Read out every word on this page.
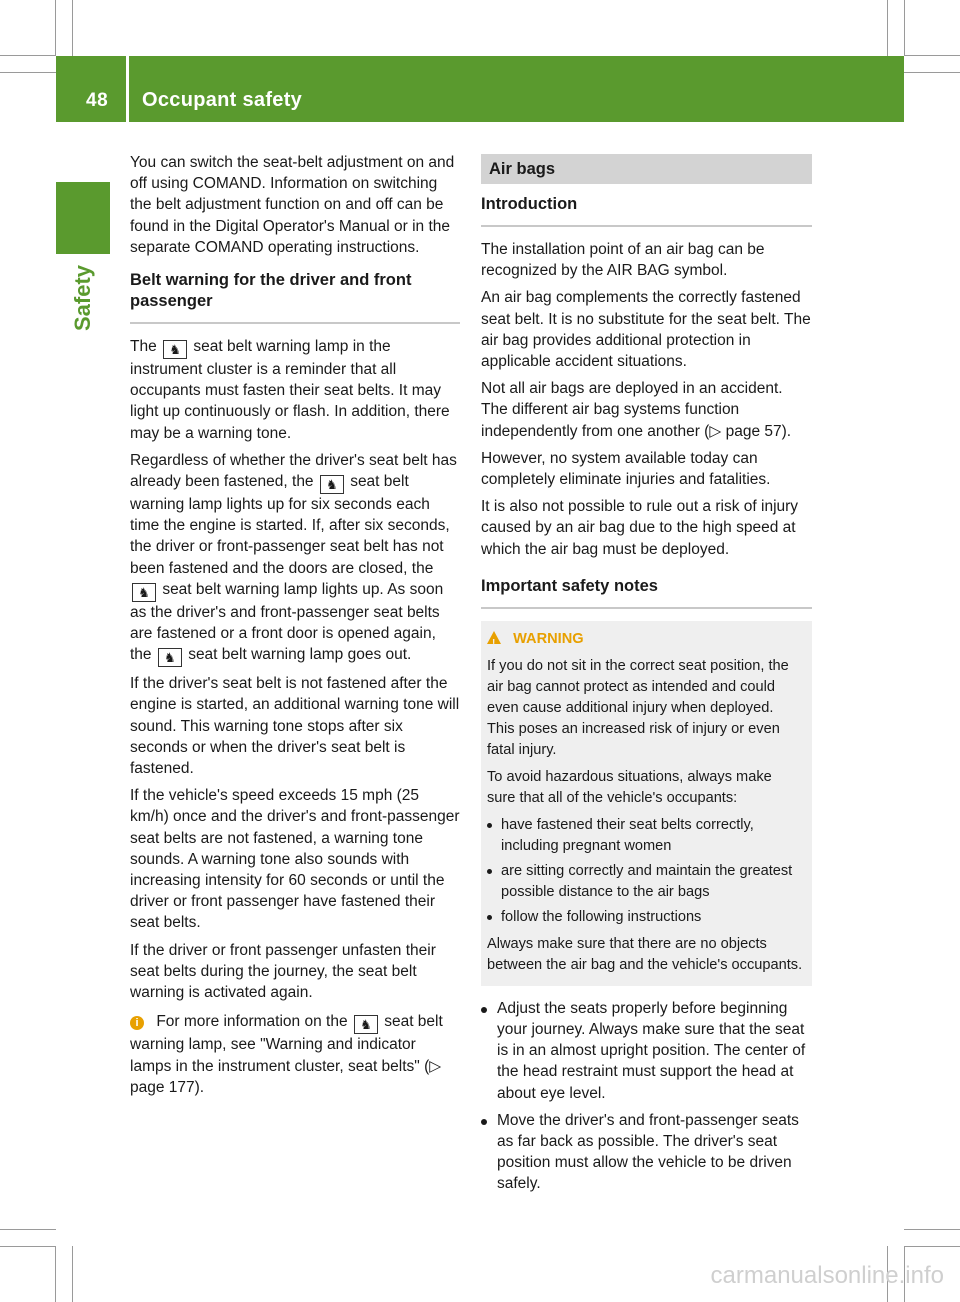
48 Occupant safety
Safety

You can switch the seat-belt adjustment on and off using COMAND. Information on switching the belt adjustment function on and off can be found in the Digital Operator's Manual or in the separate COMAND operating instructions.

Belt warning for the driver and front passenger

The ♞ seat belt warning lamp in the instrument cluster is a reminder that all occupants must fasten their seat belts. It may light up continuously or flash. In addition, there may be a warning tone.

Regardless of whether the driver's seat belt has already been fastened, the ♞ seat belt warning lamp lights up for six seconds each time the engine is started. If, after six seconds, the driver or front-passenger seat belt has not been fastened and the doors are closed, the ♞ seat belt warning lamp lights up. As soon as the driver's and front-passenger seat belts are fastened or a front door is opened again, the ♞ seat belt warning lamp goes out.

If the driver's seat belt is not fastened after the engine is started, an additional warning tone will sound. This warning tone stops after six seconds or when the driver's seat belt is fastened.

If the vehicle's speed exceeds 15 mph (25 km/h) once and the driver's and front-passenger seat belts are not fastened, a warning tone sounds. A warning tone also sounds with increasing intensity for 60 seconds or until the driver or front passenger have fastened their seat belts.

If the driver or front passenger unfasten their seat belts during the journey, the seat belt warning is activated again.

i For more information on the ♞ seat belt warning lamp, see "Warning and indicator lamps in the instrument cluster, seat belts" (▷ page 177).

Air bags
Introduction

The installation point of an air bag can be recognized by the AIR BAG symbol.

An air bag complements the correctly fastened seat belt. It is no substitute for the seat belt. The air bag provides additional protection in applicable accident situations.

Not all air bags are deployed in an accident. The different air bag systems function independently from one another (▷ page 57).

However, no system available today can completely eliminate injuries and fatalities.

It is also not possible to rule out a risk of injury caused by an air bag due to the high speed at which the air bag must be deployed.

Important safety notes
! WARNING

If you do not sit in the correct seat position, the air bag cannot protect as intended and could even cause additional injury when deployed. This poses an increased risk of injury or even fatal injury.

To avoid hazardous situations, always make sure that all of the vehicle's occupants:

have fastened their seat belts correctly, including pregnant women
are sitting correctly and maintain the greatest possible distance to the air bags
follow the following instructions

Always make sure that there are no objects between the air bag and the vehicle's occupants.

Adjust the seats properly before beginning your journey. Always make sure that the seat is in an almost upright position. The center of the head restraint must support the head at about eye level.
Move the driver's and front-passenger seats as far back as possible. The driver's seat position must allow the vehicle to be driven safely.
carmanualsonline.info
